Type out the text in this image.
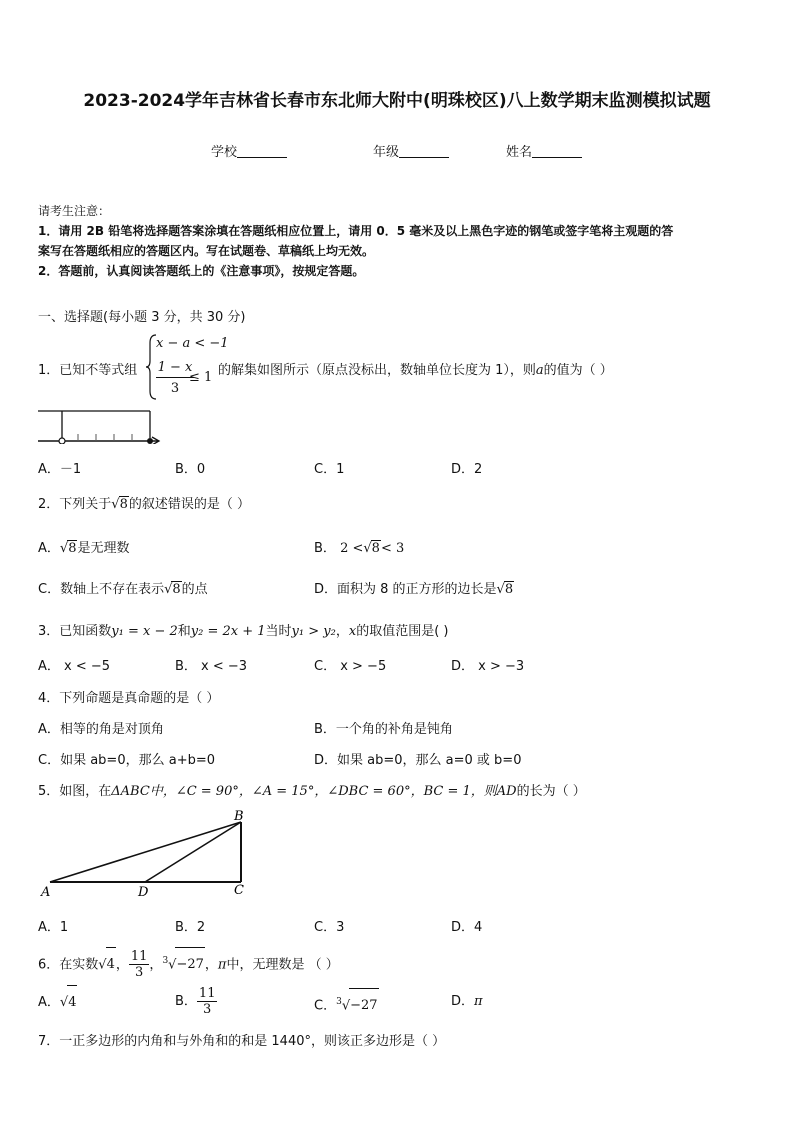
2023-2024学年吉林省长春市东北师大附中(明珠校区)八上数学期末监测模拟试题
学校	年级	姓名
请考生注意：
1．请用 2B 铅笔将选择题答案涂填在答题纸相应位置上，请用 0．5 毫米及以上黑色字迹的钢笔或签字笔将主观题的答
案写在答题纸相应的答题区内。写在试题卷、草稿纸上均无效。
2．答题前，认真阅读答题纸上的《注意事项》，按规定答题。
一、选择题(每小题 3 分，共 30 分)
1．已知不等式组
x − a < −1
1 − x
3
≤ 1 的解集如图所示（原点没标出，数轴单位长度为 1），则a的值为（ ）
A．－1	B．0	C．1	D．2
2．下列关于√8的叙述错误的是（ ）
A．√8是无理数	B． 2 <√8< 3
C．数轴上不存在表示√8的点	D．面积为 8 的正方形的边长是√8
3．已知函数y₁ = x − 2和y₂ = 2x + 1当时y₁ > y₂，x的取值范围是( )
A． x < −5	B． x < −3	C． x > −5	D． x > −3
4．下列命题是真命题的是（ ）
A．相等的角是对顶角	B．一个角的补角是钝角
C．如果 ab=0，那么 a+b=0	D．如果 ab=0，那么 a=0 或 b=0
5．如图，在ΔABC中，∠C = 90°，∠A = 15°，∠DBC = 60°，BC = 1，则AD的长为（ ）
B
A	D	C
A．1	B．2	C．3	D．4
6．在实数√4， $\frac{11}{3}$ ，$^3$√−27，π中，无理数是 （ ）
A．√4	B． $\frac{11}{3}$	C．$^3$√−27	D．π
7．一正多边形的内角和与外角和的和是 1440°，则该正多边形是（ ）
